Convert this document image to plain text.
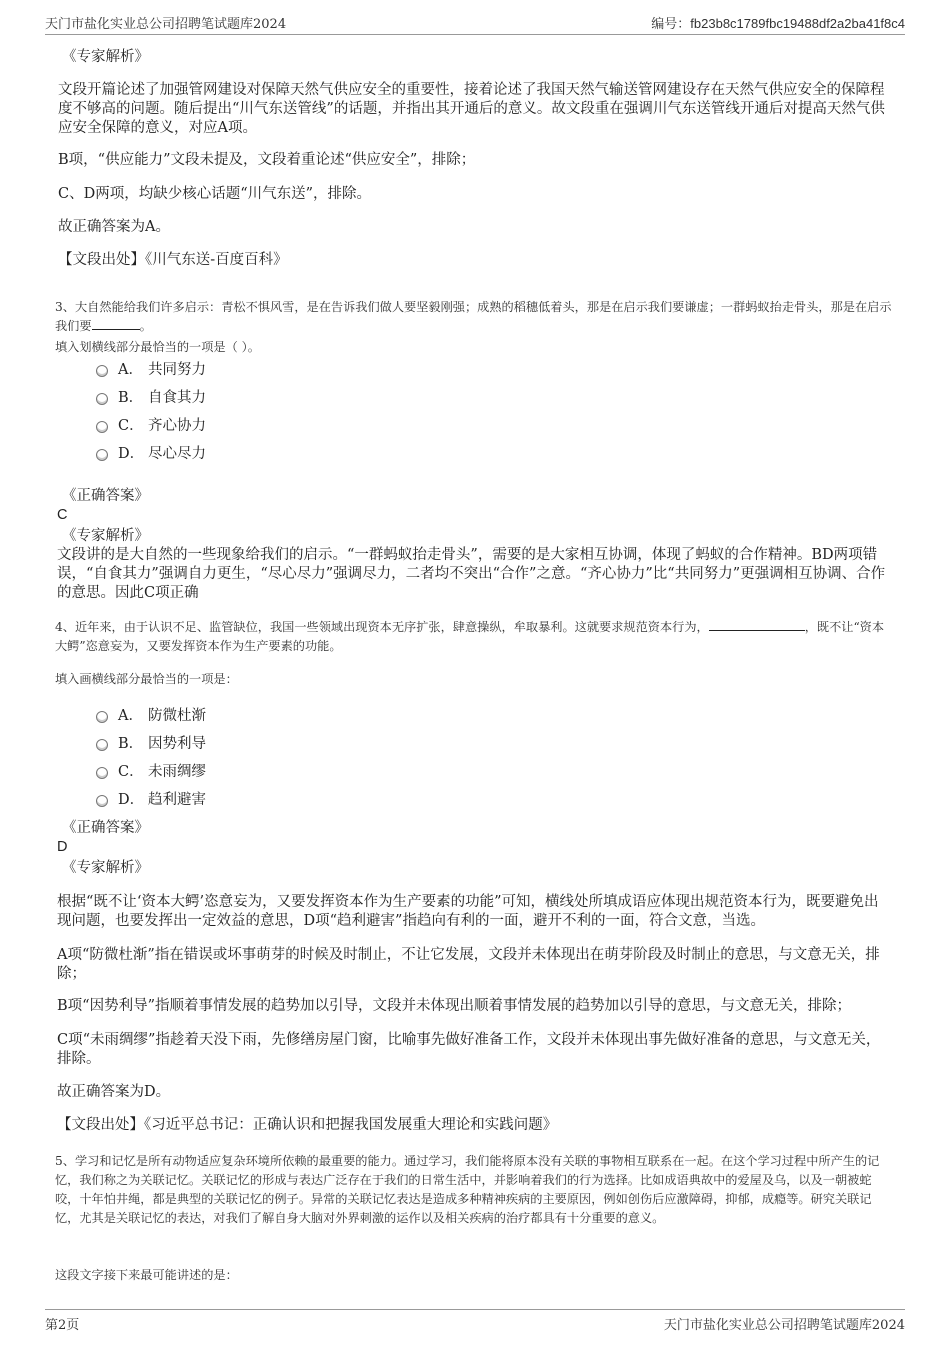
天门市盐化实业总公司招聘笔试题库2024	编号：fb23b8c1789fbc19488df2a2ba41f8c4

《专家解析》

文段开篇论述了加强管网建设对保障天然气供应安全的重要性，接着论述了我国天然气输送管网建设存在天然气供应安全的保障程度不够高的问题。随后提出“川气东送管线”的话题，并指出其开通后的意义。故文段重在强调川气东送管线开通后对提高天然气供应安全保障的意义，对应A项。

B项，“供应能力”文段未提及，文段着重论述“供应安全”，排除；

C、D两项，均缺少核心话题“川气东送”，排除。

故正确答案为A。

【文段出处】《川气东送-百度百科》

3、大自然能给我们许多启示：青松不惧风雪，是在告诉我们做人要坚毅刚强；成熟的稻穗低着头，那是在启示我们要谦虚；一群蚂蚁抬走骨头，那是在启示我们要	。

填入划横线部分最恰当的一项是（ ）。

A． 共同努力
B． 自食其力
C． 齐心协力
D． 尽心尽力

《正确答案》

C

《专家解析》

文段讲的是大自然的一些现象给我们的启示。“一群蚂蚁抬走骨头”，需要的是大家相互协调，体现了蚂蚁的合作精神。BD两项错误，“自食其力”强调自力更生，“尽心尽力”强调尽力，二者均不突出“合作”之意。“齐心协力”比“共同努力”更强调相互协调、合作的意思。因此C项正确

4、近年来，由于认识不足、监管缺位，我国一些领域出现资本无序扩张，肆意操纵，牟取暴利。这就要求规范资本行为，	，既不让“资本大鳄”恣意妄为，又要发挥资本作为生产要素的功能。

填入画横线部分最恰当的一项是：

A． 防微杜渐
B． 因势利导
C． 未雨绸缪
D． 趋利避害

《正确答案》

D

《专家解析》

根据“既不让‘资本大鳄’恣意妄为，又要发挥资本作为生产要素的功能”可知，横线处所填成语应体现出规范资本行为，既要避免出现问题，也要发挥出一定效益的意思，D项“趋利避害”指趋向有利的一面，避开不利的一面，符合文意，当选。

A项“防微杜渐”指在错误或坏事萌芽的时候及时制止，不让它发展，文段并未体现出在萌芽阶段及时制止的意思，与文意无关，排除；

B项“因势利导”指顺着事情发展的趋势加以引导，文段并未体现出顺着事情发展的趋势加以引导的意思，与文意无关，排除；

C项“未雨绸缪”指趁着天没下雨，先修缮房屋门窗，比喻事先做好准备工作，文段并未体现出事先做好准备的意思，与文意无关，排除。

故正确答案为D。

【文段出处】《习近平总书记：正确认识和把握我国发展重大理论和实践问题》

5、学习和记忆是所有动物适应复杂环境所依赖的最重要的能力。通过学习，我们能将原本没有关联的事物相互联系在一起。在这个学习过程中所产生的记忆，我们称之为关联记忆。关联记忆的形成与表达广泛存在于我们的日常生活中，并影响着我们的行为选择。比如成语典故中的爱屋及乌，以及一朝被蛇咬，十年怕井绳，都是典型的关联记忆的例子。异常的关联记忆表达是造成多种精神疾病的主要原因，例如创伤后应激障碍，抑郁，成瘾等。研究关联记忆，尤其是关联记忆的表达，对我们了解自身大脑对外界刺激的运作以及相关疾病的治疗都具有十分重要的意义。

这段文字接下来最可能讲述的是：

第2页	天门市盐化实业总公司招聘笔试题库2024
